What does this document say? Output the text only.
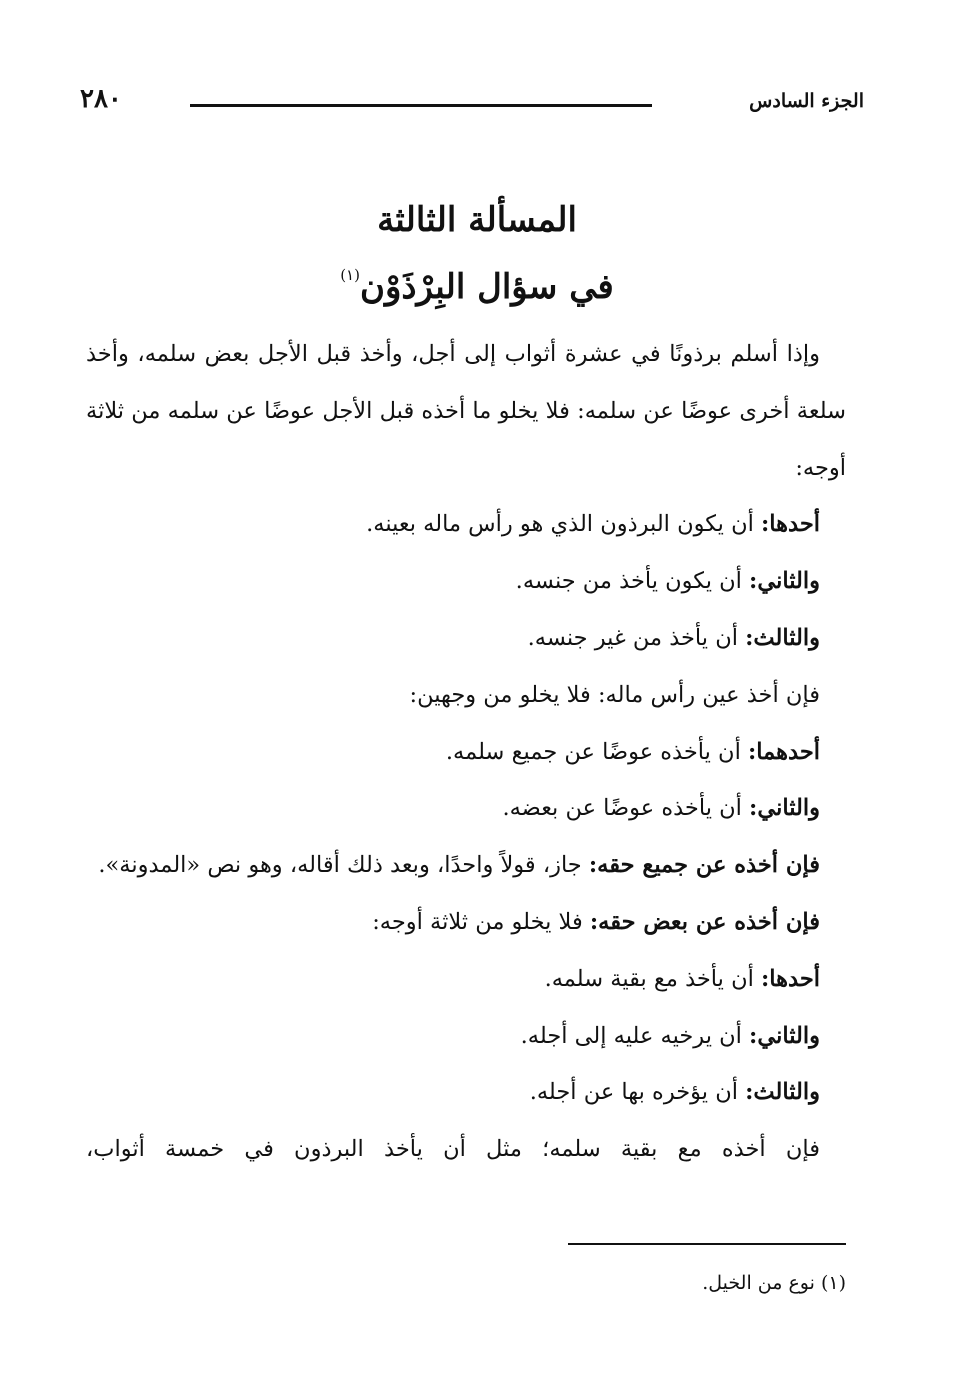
الجزء السادس
٢٨٠
المسألة الثالثة
في سؤال البِرْذَوْن$^{(١)}$

وإذا أسلم برذونًا في عشرة أثواب إلى أجل، وأخذ قبل الأجل بعض سلمه، وأخذ سلعة أخرى عوضًا عن سلمه: فلا يخلو ما أخذه قبل الأجل عوضًا عن سلمه من ثلاثة أوجه:

أحدها: أن يكون البرذون الذي هو رأس ماله بعينه.

والثاني: أن يكون يأخذ من جنسه.

والثالث: أن يأخذ من غير جنسه.

فإن أخذ عين رأس ماله: فلا يخلو من وجهين:

أحدهما: أن يأخذه عوضًا عن جميع سلمه.

والثاني: أن يأخذه عوضًا عن بعضه.

فإن أخذه عن جميع حقه: جاز، قولاً واحدًا، وبعد ذلك أقاله، وهو نص «المدونة».

فإن أخذه عن بعض حقه: فلا يخلو من ثلاثة أوجه:

أحدها: أن يأخذ مع بقية سلمه.

والثاني: أن يرخيه عليه إلى أجله.

والثالث: أن يؤخره بها عن أجله.

فإن أخذه مع بقية سلمه؛ مثل أن يأخذ البرذون في خمسة أثواب،

(١) نوع من الخيل.
